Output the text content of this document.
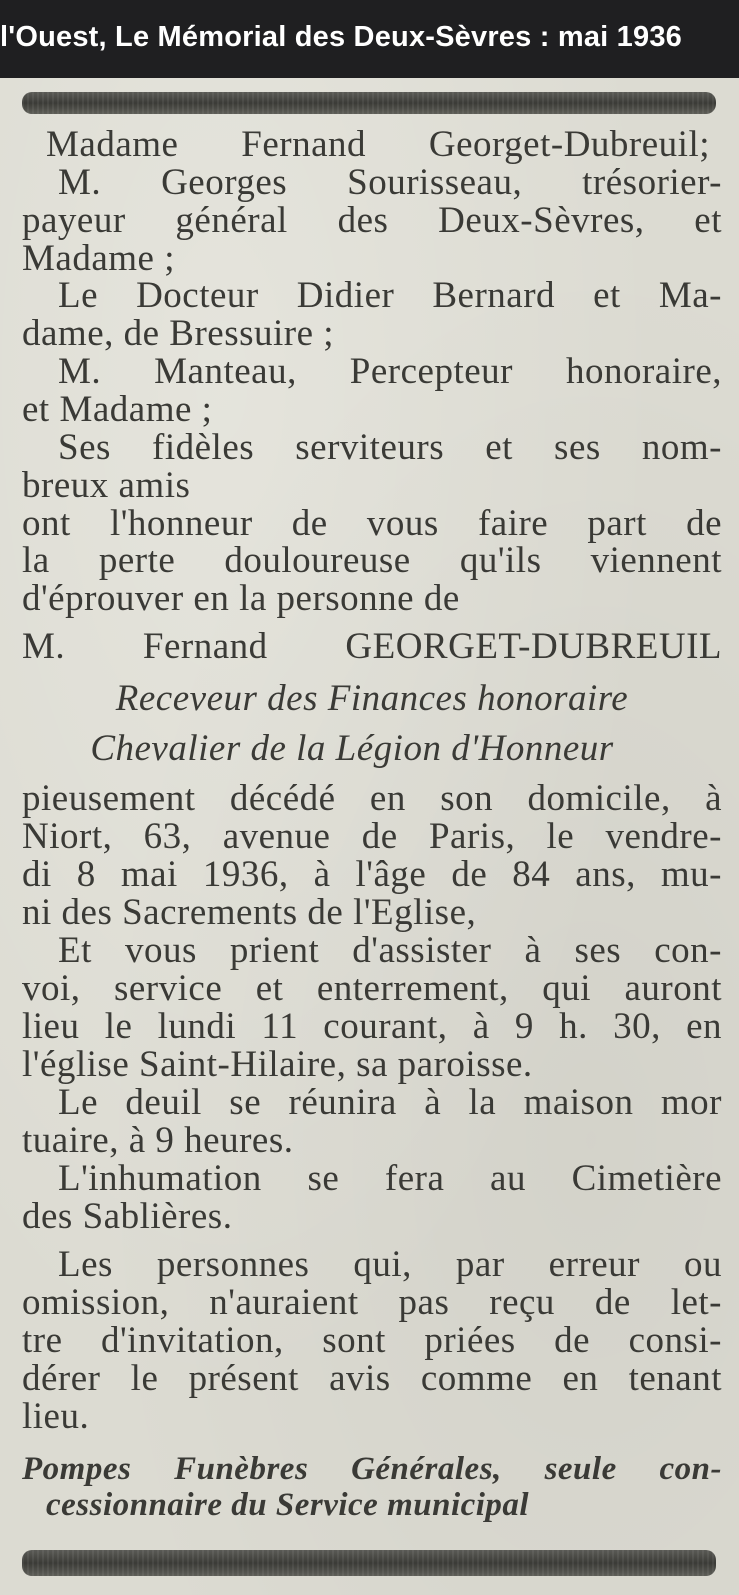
l'Ouest, Le Mémorial des Deux-Sèvres : mai 1936
Madame Fernand Georget-Dubreuil;
M. Georges Sourisseau, trésorier-
payeur général des Deux-Sèvres, et
Madame ;
Le Docteur Didier Bernard et Ma-
dame, de Bressuire ;
M. Manteau, Percepteur honoraire,
et Madame ;
Ses fidèles serviteurs et ses nom-
breux amis
ont l'honneur de vous faire part de
la perte douloureuse qu'ils viennent
d'éprouver en la personne de
M. Fernand GEORGET-DUBREUIL
Receveur des Finances honoraire
Chevalier de la Légion d'Honneur
pieusement décédé en son domicile, à
Niort, 63, avenue de Paris, le vendre-
di 8 mai 1936, à l'âge de 84 ans, mu-
ni des Sacrements de l'Eglise,
Et vous prient d'assister à ses con-
voi, service et enterrement, qui auront
lieu le lundi 11 courant, à 9 h. 30, en
l'église Saint-Hilaire, sa paroisse.
Le deuil se réunira à la maison mor
tuaire, à 9 heures.
L'inhumation se fera au Cimetière
des Sablières.
Les personnes qui, par erreur ou
omission, n'auraient pas reçu de let-
tre d'invitation, sont priées de consi-
dérer le présent avis comme en tenant
lieu.
Pompes Funèbres Générales, seule con-
cessionnaire du Service municipal
